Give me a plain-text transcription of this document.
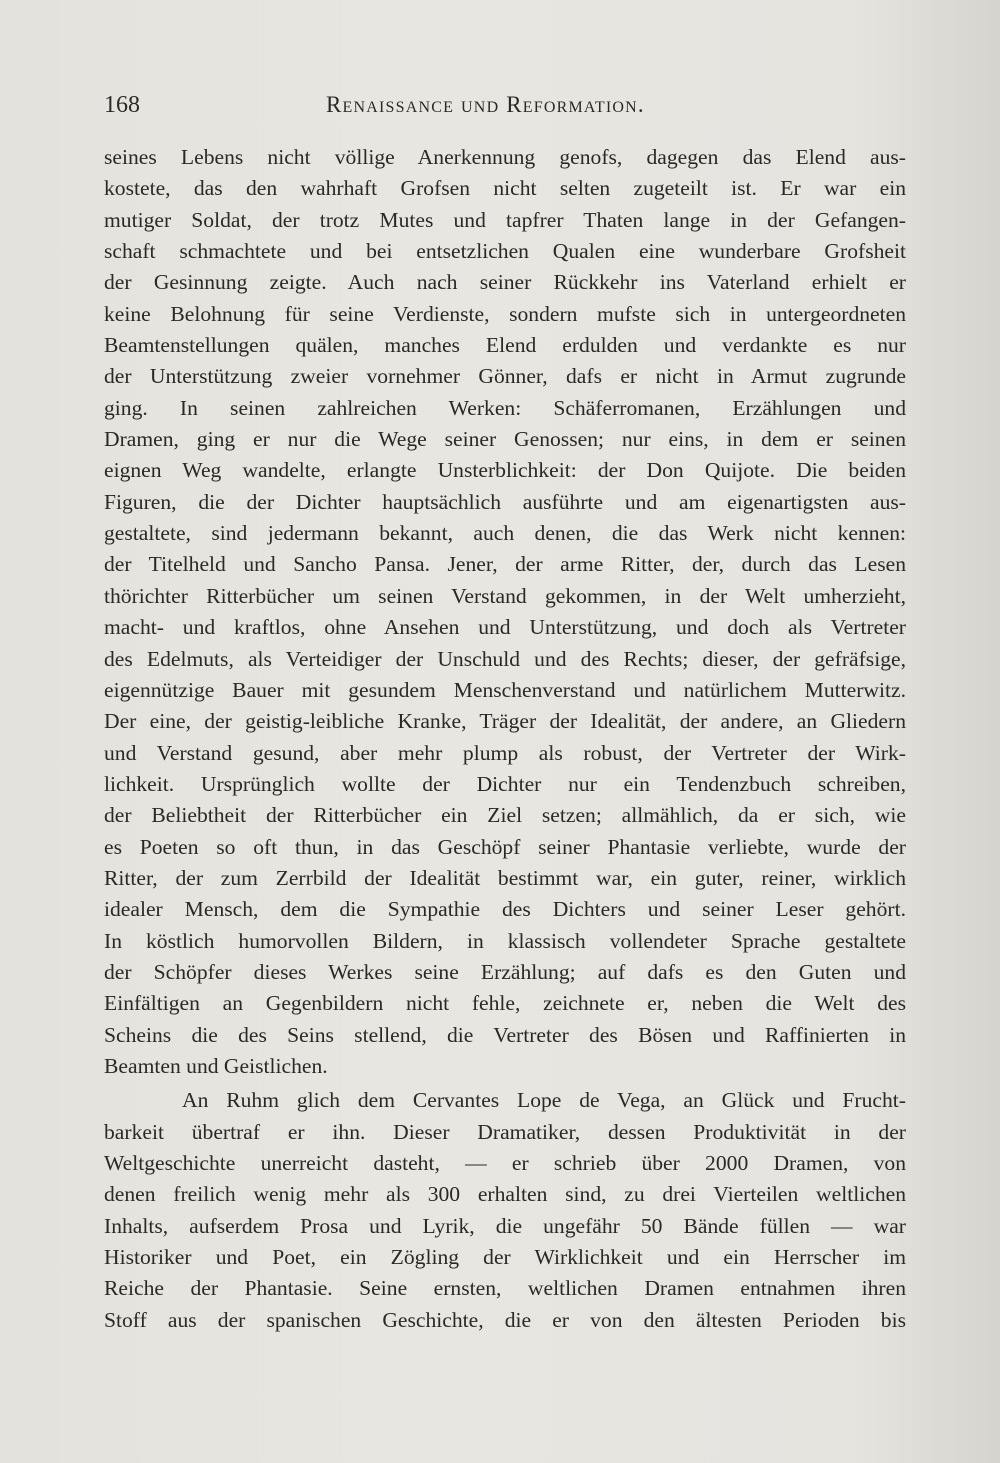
168	Renaissance und Reformation.
seines Lebens nicht völlige Anerkennung genofs, dagegen das Elend aus-
kostete, das den wahrhaft Grofsen nicht selten zugeteilt ist. Er war ein
mutiger Soldat, der trotz Mutes und tapfrer Thaten lange in der Gefangen-
schaft schmachtete und bei entsetzlichen Qualen eine wunderbare Grofsheit
der Gesinnung zeigte. Auch nach seiner Rückkehr ins Vaterland erhielt er
keine Belohnung für seine Verdienste, sondern mufste sich in untergeordneten
Beamtenstellungen quälen, manches Elend erdulden und verdankte es nur
der Unterstützung zweier vornehmer Gönner, dafs er nicht in Armut zugrunde
ging. In seinen zahlreichen Werken: Schäferromanen, Erzählungen und
Dramen, ging er nur die Wege seiner Genossen; nur eins, in dem er seinen
eignen Weg wandelte, erlangte Unsterblichkeit: der Don Quijote. Die beiden
Figuren, die der Dichter hauptsächlich ausführte und am eigenartigsten aus-
gestaltete, sind jedermann bekannt, auch denen, die das Werk nicht kennen:
der Titelheld und Sancho Pansa. Jener, der arme Ritter, der, durch das Lesen
thörichter Ritterbücher um seinen Verstand gekommen, in der Welt umherzieht,
macht- und kraftlos, ohne Ansehen und Unterstützung, und doch als Vertreter
des Edelmuts, als Verteidiger der Unschuld und des Rechts; dieser, der gefräfsige,
eigennützige Bauer mit gesundem Menschenverstand und natürlichem Mutterwitz.
Der eine, der geistig-leibliche Kranke, Träger der Idealität, der andere, an Gliedern
und Verstand gesund, aber mehr plump als robust, der Vertreter der Wirk-
lichkeit. Ursprünglich wollte der Dichter nur ein Tendenzbuch schreiben,
der Beliebtheit der Ritterbücher ein Ziel setzen; allmählich, da er sich, wie
es Poeten so oft thun, in das Geschöpf seiner Phantasie verliebte, wurde der
Ritter, der zum Zerrbild der Idealität bestimmt war, ein guter, reiner, wirklich
idealer Mensch, dem die Sympathie des Dichters und seiner Leser gehört.
In köstlich humorvollen Bildern, in klassisch vollendeter Sprache gestaltete
der Schöpfer dieses Werkes seine Erzählung; auf dafs es den Guten und
Einfältigen an Gegenbildern nicht fehle, zeichnete er, neben die Welt des
Scheins die des Seins stellend, die Vertreter des Bösen und Raffinierten in
Beamten und Geistlichen.
An Ruhm glich dem Cervantes Lope de Vega, an Glück und Frucht-
barkeit übertraf er ihn. Dieser Dramatiker, dessen Produktivität in der
Weltgeschichte unerreicht dasteht, — er schrieb über 2000 Dramen, von
denen freilich wenig mehr als 300 erhalten sind, zu drei Vierteilen weltlichen
Inhalts, aufserdem Prosa und Lyrik, die ungefähr 50 Bände füllen — war
Historiker und Poet, ein Zögling der Wirklichkeit und ein Herrscher im
Reiche der Phantasie. Seine ernsten, weltlichen Dramen entnahmen ihren
Stoff aus der spanischen Geschichte, die er von den ältesten Perioden bis
